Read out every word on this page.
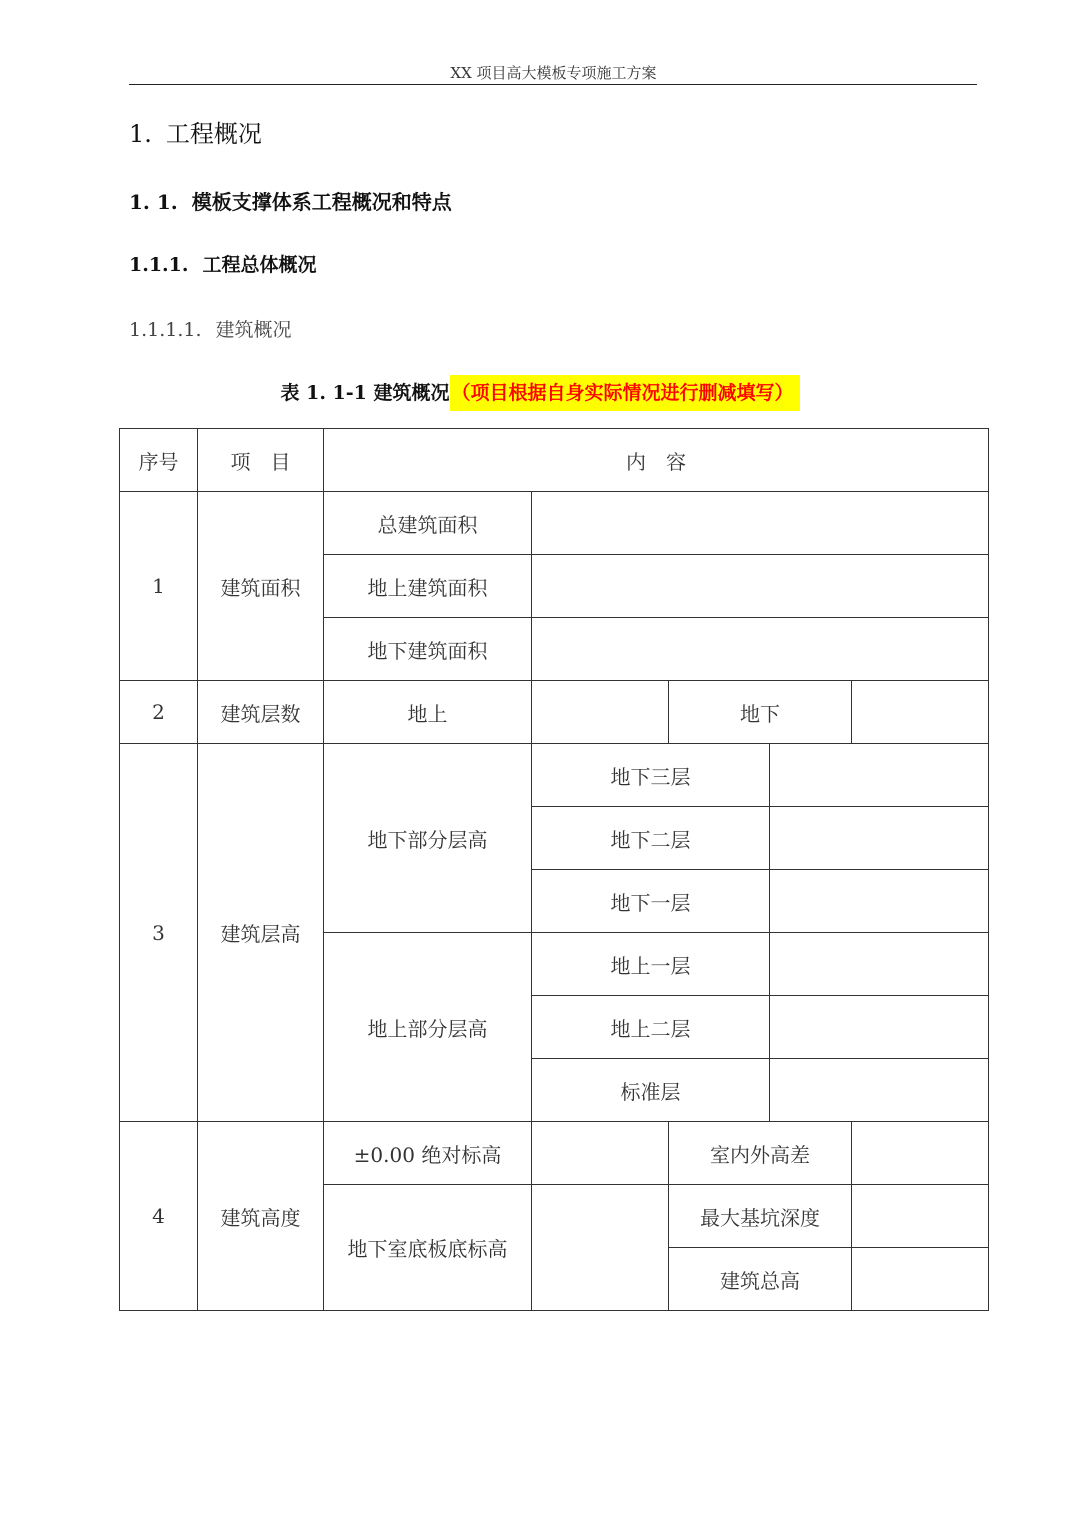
XX 项目高大模板专项施工方案
1. 工程概况
1. 1. 模板支撑体系工程概况和特点
1.1.1. 工程总体概况
1.1.1.1. 建筑概况
表 1. 1-1 建筑概况 （项目根据自身实际情况进行删减填写）
序号	项　目	内　容				
1	建筑面积	总建筑面积				
		地上建筑面积				
		地下建筑面积				
2	建筑层数	地上		地下		
3	建筑层高	地下部分层高	地下三层			
			地下二层			
			地下一层			
		地上部分层高	地上一层			
			地上二层			
			标准层			
4	建筑高度	±0.00 绝对标高		室内外高差		
		地下室底板底标高		最大基坑深度		
				建筑总高		
